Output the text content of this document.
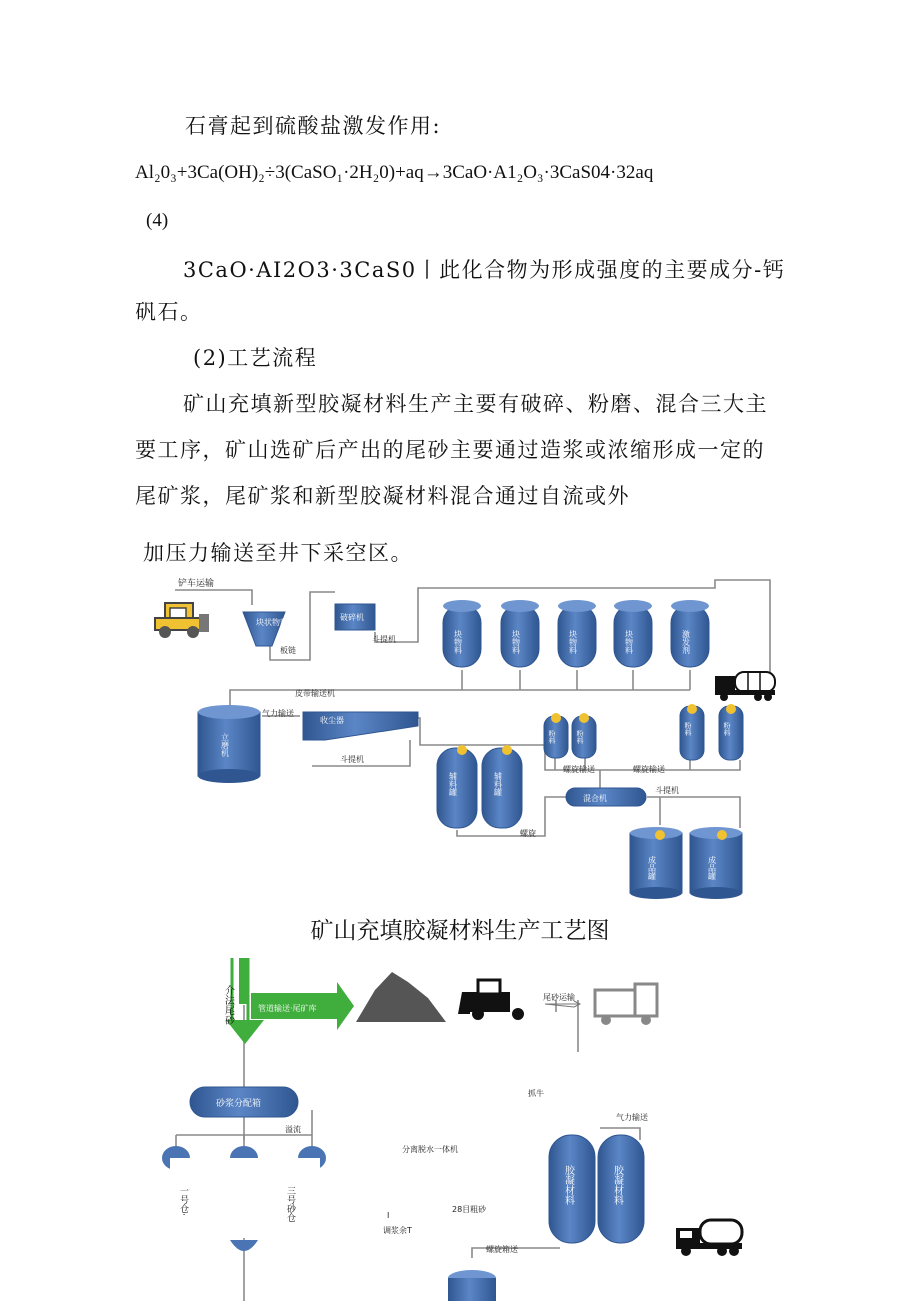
石膏起到硫酸盐激发作用:
Al₂0₃+3Ca(OH)₂÷3(CaSO₁·2H₂0)+aq→3CaO·A1₂O₃·3CaS04·32aq
(4)
3CaO·AI2O3·3CaS0丨此化合物为形成强度的主要成分-钙
矾石。
(2)工艺流程
矿山充填新型胶凝材料生产主要有破碎、粉磨、混合三大主
要工序，矿山选矿后产出的尾砂主要通过造浆或浓缩形成一定的
尾矿浆，尾矿浆和新型胶凝材料混合通过自流或外
加压力输送至井下采空区。
铲车运输
块状物料
板链
破碎机
斗提机	块物料	块物料	块物料	块物料	激发剂
皮带输送机
气力输送
立磨机
收尘器
斗提机
辅料罐	辅料罐
粉料	粉料
粉料	粉料
螺旋输送	螺旋输送
混合机
斗提机
螺旋
成品罐	成品罐
介法尾砂	管道输送·尾矿库
尾砂运输
砂浆分配箱
溢流
一号仓·	三号砂仓
抓牛
分离脱水一体机
气力输送
28目粗砂
I
调浆余T
螺旋箱送
胶凝材料	胶凝材料
矿山充填胶凝材料生产工艺图
